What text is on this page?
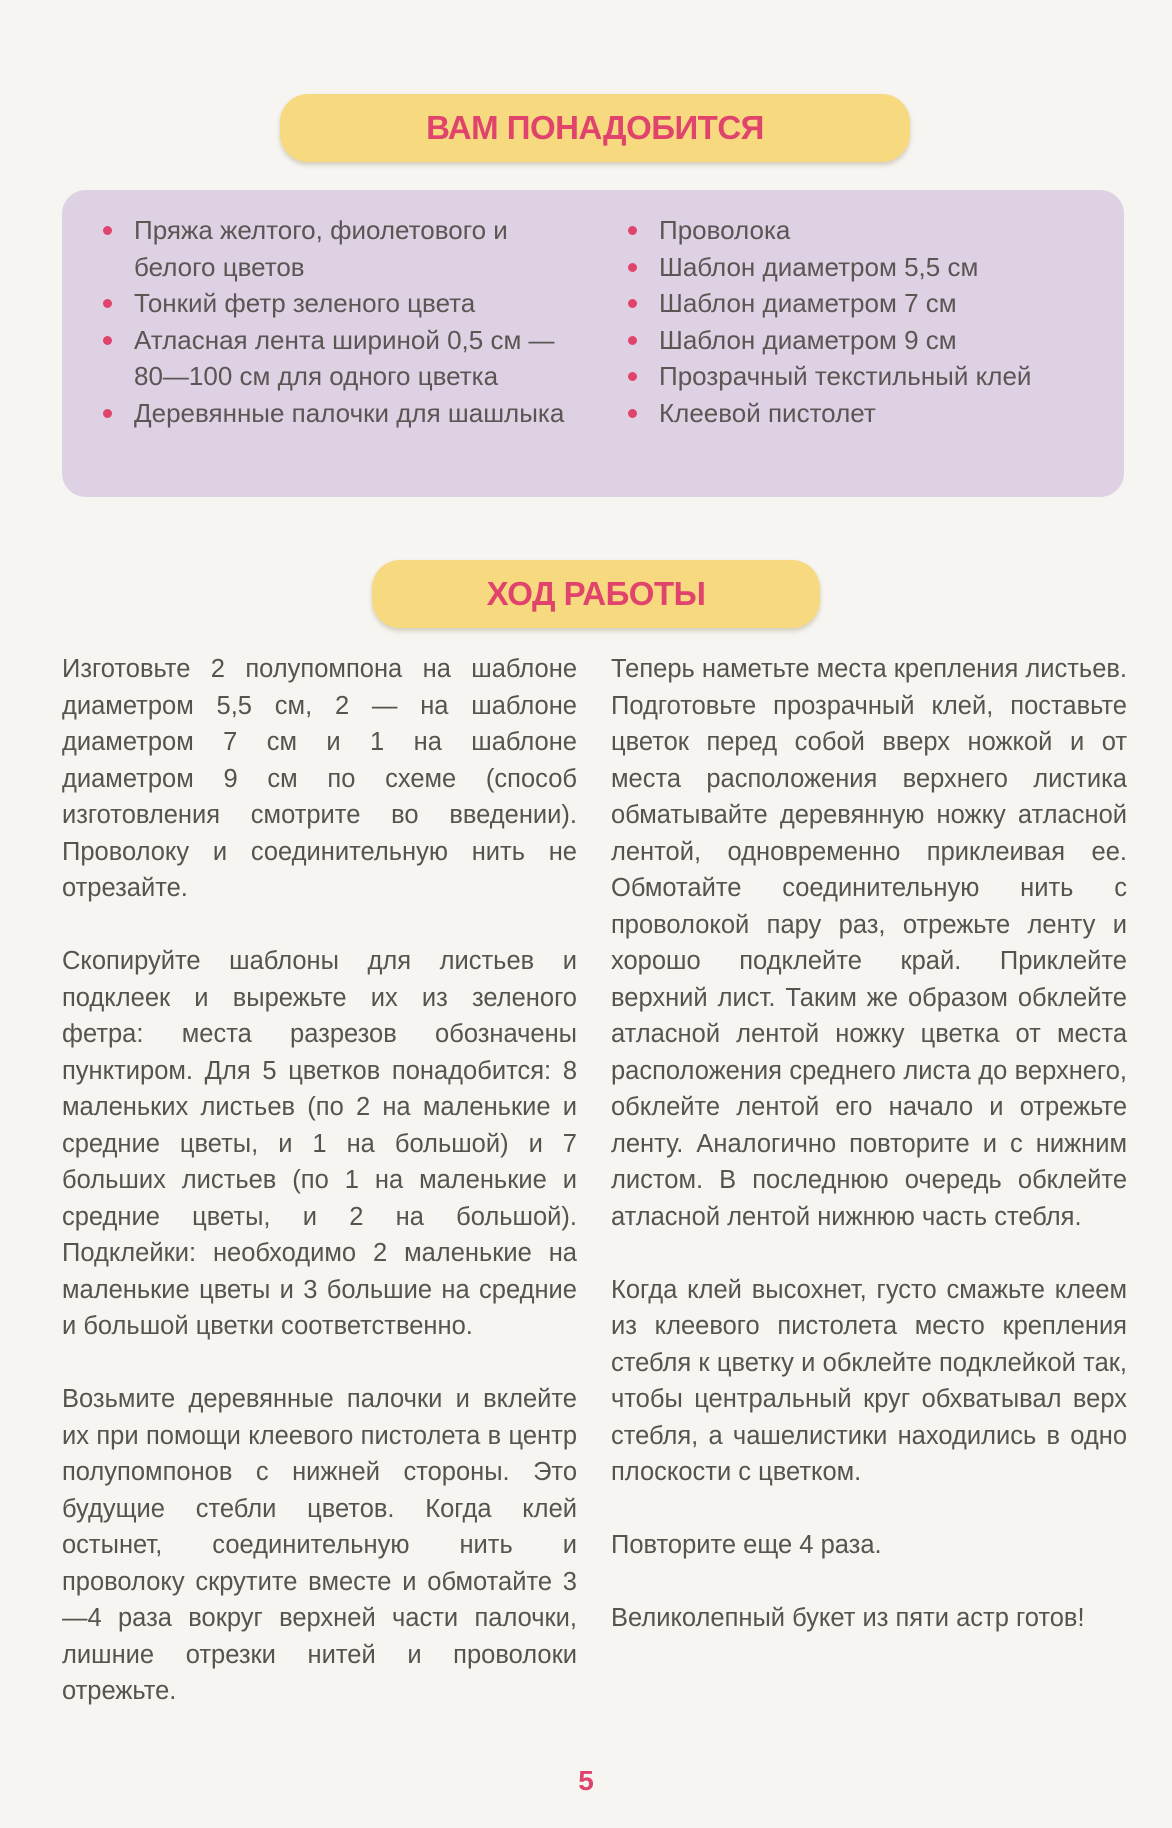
ВАМ ПОНАДОБИТСЯ
Пряжа желтого, фиолетового и белого цветов
Тонкий фетр зеленого цвета
Атласная лента шириной 0,5 см — 80—100 см для одного цветка
Деревянные палочки для шашлыка
Проволока
Шаблон диаметром 5,5 см
Шаблон диаметром 7 см
Шаблон диаметром 9 см
Прозрачный текстильный клей
Клеевой пистолет
ХОД РАБОТЫ

Изготовьте 2 полупомпона на шаблоне диаметром 5,5 см, 2 — на шаблоне диаметром 7 см и 1 на шаблоне диаметром 9 см по схеме (способ изготовления смотрите во введении). Проволоку и соединительную нить не отрезайте.

Скопируйте шаблоны для листьев и подклеек и вырежьте их из зеленого фетра: места разрезов обозначены пунктиром. Для 5 цветков понадобится: 8 маленьких листьев (по 2 на маленькие и средние цветы, и 1 на большой) и 7 больших листьев (по 1 на маленькие и средние цветы, и 2 на большой). Подклейки: необходимо 2 маленькие на маленькие цветы и 3 большие на средние и большой цветки соответственно.

Возьмите деревянные палочки и вклейте их при помощи клеевого пистолета в центр полупомпонов с нижней стороны. Это будущие стебли цветов. Когда клей остынет, соединительную нить и проволоку скрутите вместе и обмотайте 3—4 раза вокруг верхней части палочки, лишние отрезки нитей и проволоки отрежьте.

Теперь наметьте места крепления листьев. Подготовьте прозрачный клей, поставьте цветок перед собой вверх ножкой и от места расположения верхнего листика обматывайте деревянную ножку атласной лентой, одновременно приклеивая ее. Обмотайте соединительную нить с проволокой пару раз, отрежьте ленту и хорошо подклейте край. Приклейте верхний лист. Таким же образом обклейте атласной лентой ножку цветка от места расположения среднего листа до верхнего, обклейте лентой его начало и отрежьте ленту. Аналогично повторите и с нижним листом. В последнюю очередь обклейте атласной лентой нижнюю часть стебля.

Когда клей высохнет, густо смажьте клеем из клеевого пистолета место крепления стебля к цветку и обклейте подклейкой так, чтобы центральный круг обхватывал верх стебля, а чашелистики находились в одно плоскости с цветком.

Повторите еще 4 раза.

Великолепный букет из пяти астр готов!

5
